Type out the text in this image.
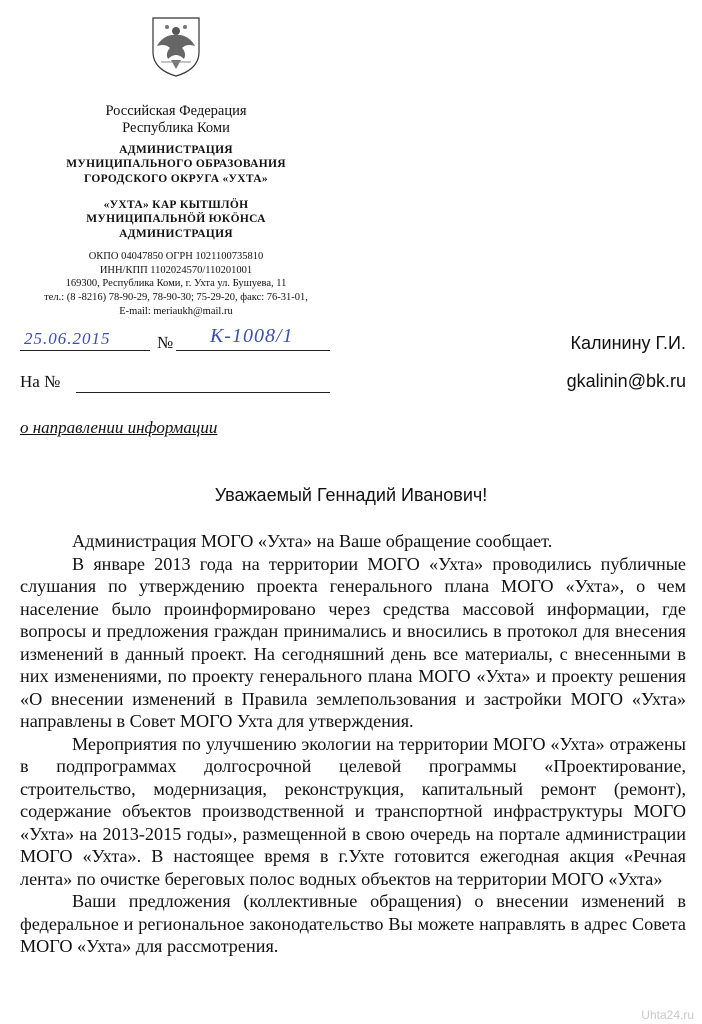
Российская Федерация
Республика Коми
АДМИНИСТРАЦИЯ
МУНИЦИПАЛЬНОГО ОБРАЗОВАНИЯ
ГОРОДСКОГО ОКРУГА «УХТА»
«УХТА» КАР КЫТШЛÖН
МУНИЦИПАЛЬНÖЙ ЮКÖНСА
АДМИНИСТРАЦИЯ
ОКПО 04047850 ОГРН 1021100735810
ИНН/КПП 1102024570/110201001
169300, Республика Коми, г. Ухта ул. Бушуева, 11
тел.: (8 -8216) 78-90-29, 78-90-30; 75-29-20, факс: 76-31-01,
E-mail: meriaukh@mail.ru
25.06.2015	№ К-1008/1
На №
Калинину Г.И.
gkalinin@bk.ru
о направлении информации
Уважаемый Геннадий Иванович!

Администрация МОГО «Ухта» на Ваше обращение сообщает.

В январе 2013 года на территории МОГО «Ухта» проводились публичные слушания по утверждению проекта генерального плана МОГО «Ухта», о чем население было проинформировано через средства массовой информации, где вопросы и предложения граждан принимались и вносились в протокол для внесения изменений в данный проект. На сегодняшний день все материалы, с внесенными в них изменениями, по проекту генерального плана МОГО «Ухта» и проекту решения «О внесении изменений в Правила землепользования и застройки МОГО «Ухта» направлены в Совет МОГО Ухта для утверждения.

Мероприятия по улучшению экологии на территории МОГО «Ухта» отражены в подпрограммах долгосрочной целевой программы «Проектирование, строительство, модернизация, реконструкция, капитальный ремонт (ремонт), содержание объектов производственной и транспортной инфраструктуры МОГО «Ухта» на 2013-2015 годы», размещенной в свою очередь на портале администрации МОГО «Ухта». В настоящее время в г.Ухте готовится ежегодная акция «Речная лента» по очистке береговых полос водных объектов на территории МОГО «Ухта»

Ваши предложения (коллективные обращения) о внесении изменений в федеральное и региональное законодательство Вы можете направлять в адрес Совета МОГО «Ухта» для рассмотрения.

Uhta24.ru
